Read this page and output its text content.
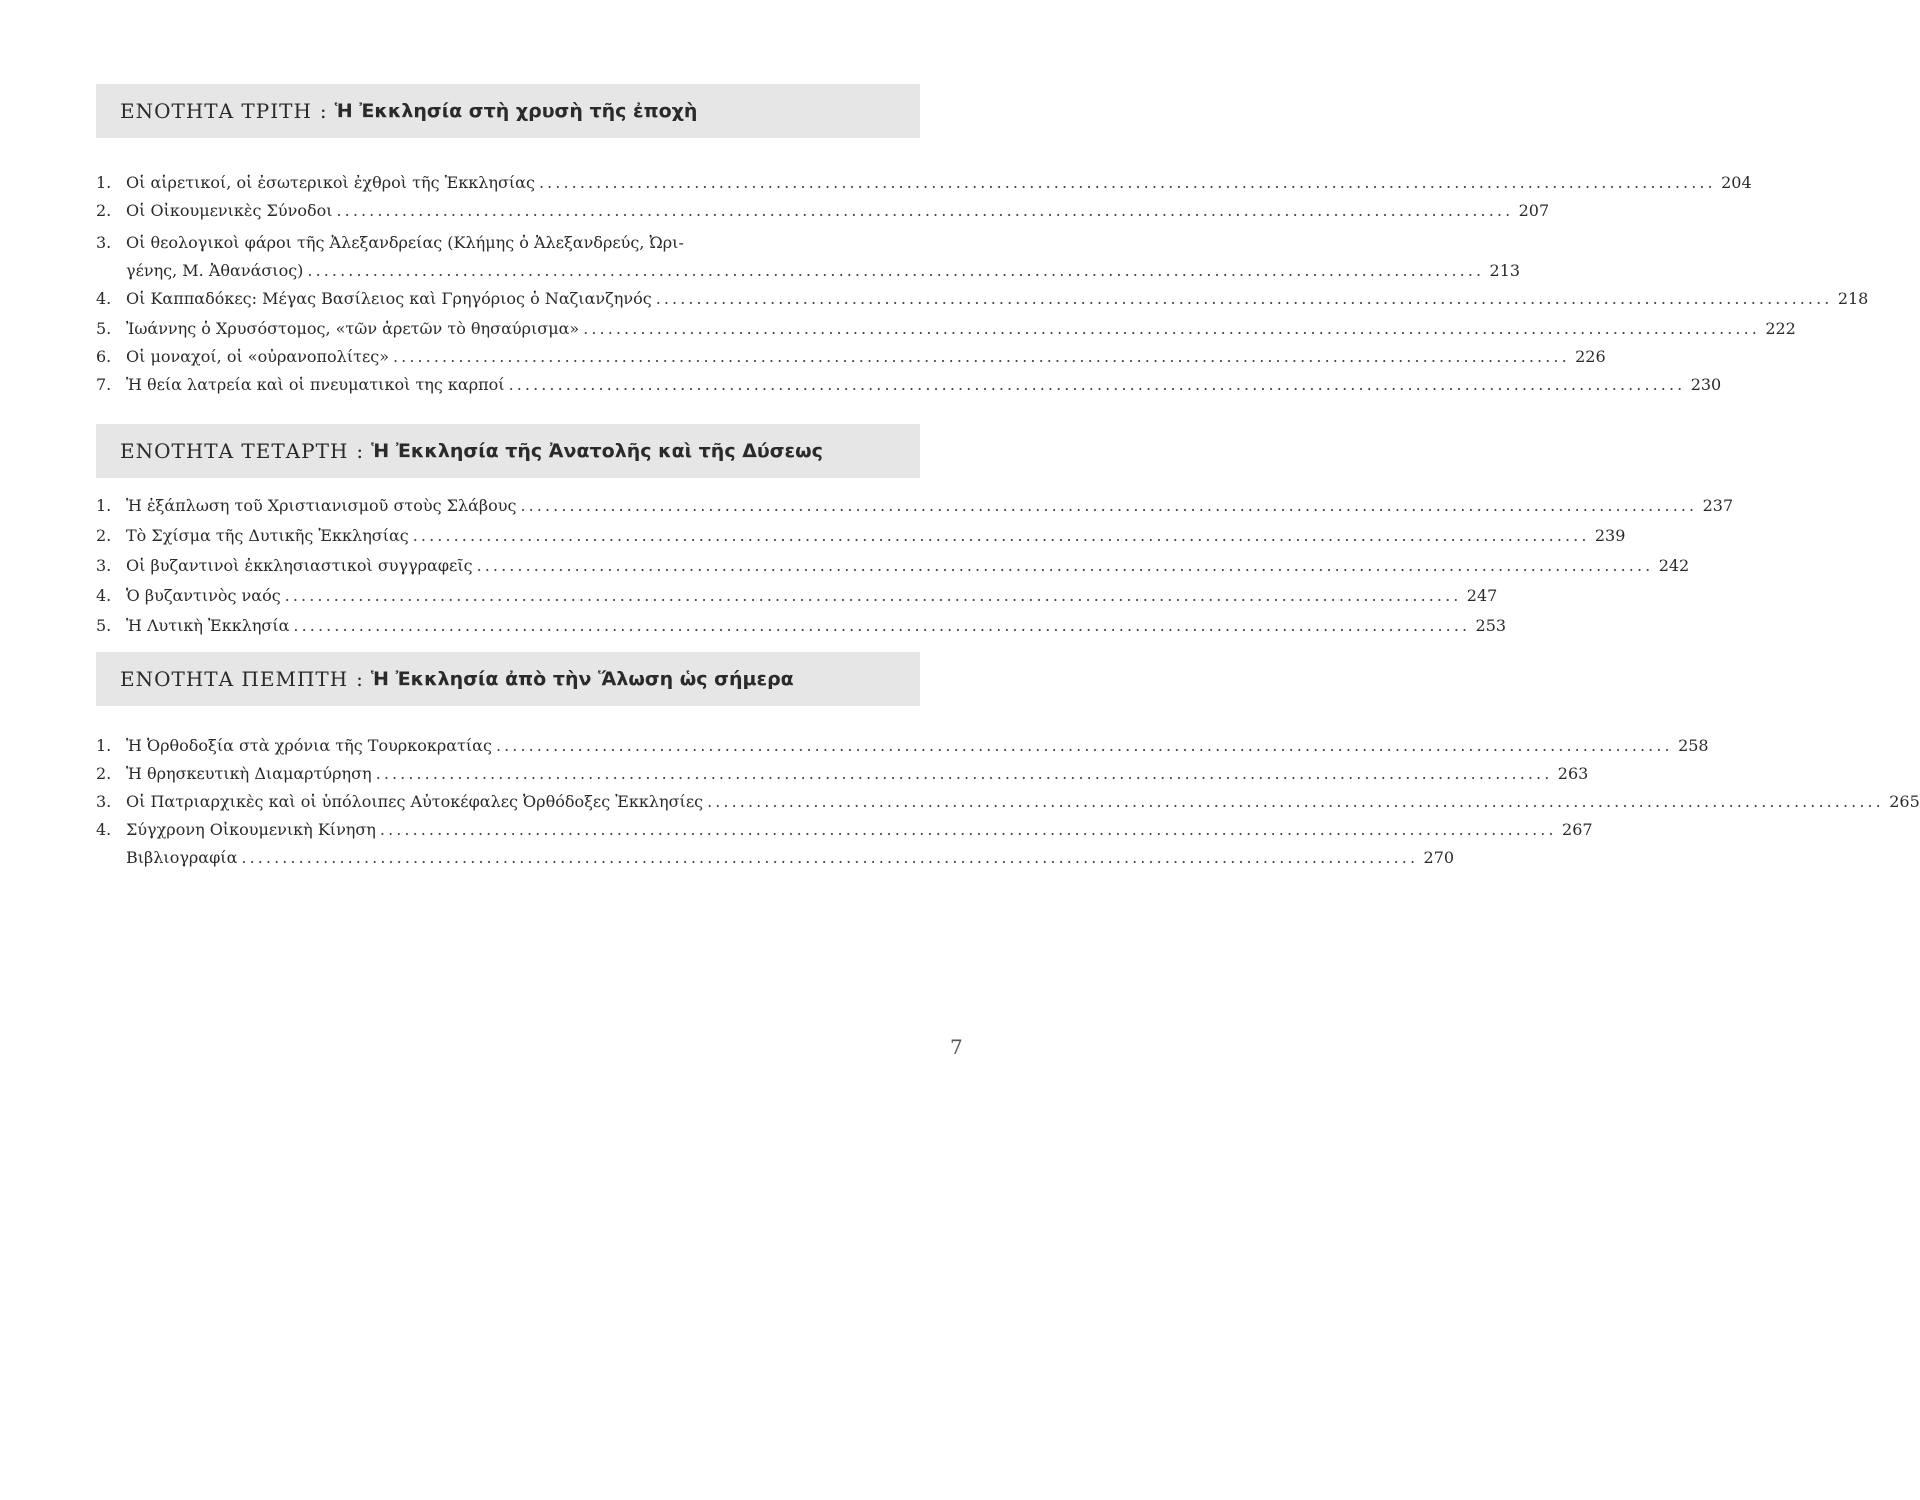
ΕΝΟΤΗΤΑ ΤΡΙΤΗ : Ἡ Ἐκκλησία στὴ χρυσὴ τῆς ἐποχὴ
1. Οἱ αἱρετικοί, οἱ ἐσωτερικοὶ ἐχθροὶ τῆς Ἐκκλησίας . . .	204
2. Οἱ Οἰκουμενικὲς Σύνοδοι . . .	207
3. Οἱ θεολογικοὶ φάροι τῆς Ἀλεξανδρείας (Κλήμης ὁ Ἀλεξανδρεύς, Ὠρι-
γένης, Μ. Ἀθανάσιος) . . .	213
4. Οἱ Καππαδόκες: Μέγας Βασίλειος καὶ Γρηγόριος ὁ Ναζιανζηνός . . .	218
5. Ἰωάννης ὁ Χρυσόστομος, «τῶν ἀρετῶν τὸ θησαύρισμα» . . .	222
6. Οἱ μοναχοί, οἱ «οὐρανοπολίτες» . . .	226
7. Ἡ θεία λατρεία καὶ οἱ πνευματικοὶ της καρποί . . .	230
ΕΝΟΤΗΤΑ ΤΕΤΑΡΤΗ : Ἡ Ἐκκλησία τῆς Ἀνατολῆς καὶ τῆς Δύσεως
1. Ἡ ἐξάπλωση τοῦ Χριστιανισμοῦ στοὺς Σλάβους . . .	237
2. Τὸ Σχίσμα τῆς Δυτικῆς Ἐκκλησίας . . .	239
3. Οἱ βυζαντινοὶ ἐκκλησιαστικοὶ συγγραφεῖς . . .	242
4. Ὁ βυζαντινὸς ναός . . .	247
5. Ἡ Λυτικὴ Ἐκκλησία . . .	253
ΕΝΟΤΗΤΑ ΠΕΜΠΤΗ : Ἡ Ἐκκλησία ἀπὸ τὴν Ἅλωση ὡς σήμερα
1. Ἡ Ὀρθοδοξία στὰ χρόνια τῆς Τουρκοκρατίας . . .	258
2. Ἡ θρησκευτικὴ Διαμαρτύρηση . . .	263
3. Οἱ Πατριαρχικὲς καὶ οἱ ὑπόλοιπες Αὐτοκέφαλες Ὀρθόδοξες Ἐκκλησίες . . .	265
4. Σύγχρονη Οἰκουμενικὴ Κίνηση . . .	267
Βιβλιογραφία . . .	270
7
